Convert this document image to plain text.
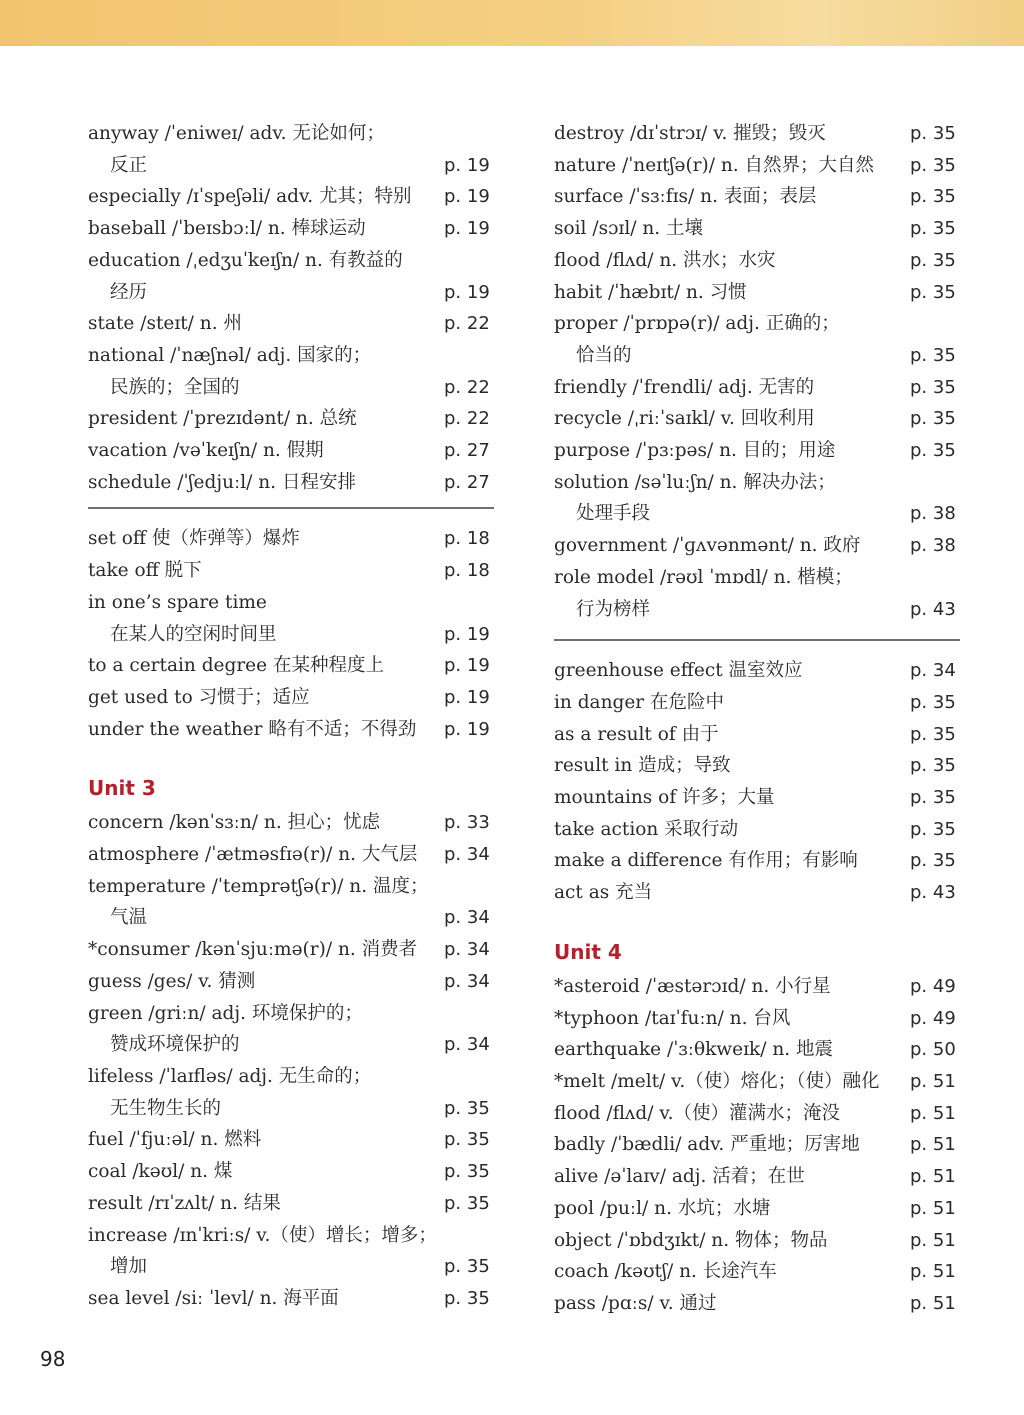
anyway /ˈeniweɪ/ adv. 无论如何；
反正	p. 19
especially /ɪˈspeʃəli/ adv. 尤其；特别	p. 19
baseball /ˈbeɪsbɔːl/ n. 棒球运动	p. 19
education /ˌedʒuˈkeɪʃn/ n. 有教益的
经历	p. 19
state /steɪt/ n. 州	p. 22
national /ˈnæʃnəl/ adj. 国家的；
民族的；全国的	p. 22
president /ˈprezɪdənt/ n. 总统	p. 22
vacation /vəˈkeɪʃn/ n. 假期	p. 27
schedule /ˈʃedjuːl/ n. 日程安排	p. 27
set off 使（炸弹等）爆炸	p. 18
take off 脱下	p. 18
in one’s spare time
在某人的空闲时间里	p. 19
to a certain degree 在某种程度上	p. 19
get used to 习惯于；适应	p. 19
under the weather 略有不适；不得劲	p. 19
Unit 3
concern /kənˈsɜːn/ n. 担心；忧虑	p. 33
atmosphere /ˈætməsfɪə(r)/ n. 大气层	p. 34
temperature /ˈtemprətʃə(r)/ n. 温度；
气温	p. 34
*consumer /kənˈsjuːmə(r)/ n. 消费者	p. 34
guess /ges/ v. 猜测	p. 34
green /griːn/ adj. 环境保护的；
赞成环境保护的	p. 34
lifeless /ˈlaɪfləs/ adj. 无生命的；
无生物生长的	p. 35
fuel /ˈfjuːəl/ n. 燃料	p. 35
coal /kəʊl/ n. 煤	p. 35
result /rɪˈzʌlt/ n. 结果	p. 35
increase /ɪnˈkriːs/ v.（使）增长；增多；
增加	p. 35
sea level /siː ˈlevl/ n. 海平面	p. 35
destroy /dɪˈstrɔɪ/ v. 摧毁；毁灭	p. 35
nature /ˈneɪtʃə(r)/ n. 自然界；大自然	p. 35
surface /ˈsɜːfɪs/ n. 表面；表层	p. 35
soil /sɔɪl/ n. 土壤	p. 35
flood /flʌd/ n. 洪水；水灾	p. 35
habit /ˈhæbɪt/ n. 习惯	p. 35
proper /ˈprɒpə(r)/ adj. 正确的；
恰当的	p. 35
friendly /ˈfrendli/ adj. 无害的	p. 35
recycle /ˌriːˈsaɪkl/ v. 回收利用	p. 35
purpose /ˈpɜːpəs/ n. 目的；用途	p. 35
solution /səˈluːʃn/ n. 解决办法；
处理手段	p. 38
government /ˈɡʌvənmənt/ n. 政府	p. 38
role model /rəʊl ˈmɒdl/ n. 楷模；
行为榜样	p. 43
greenhouse effect 温室效应	p. 34
in danger 在危险中	p. 35
as a result of 由于	p. 35
result in 造成；导致	p. 35
mountains of 许多；大量	p. 35
take action 采取行动	p. 35
make a difference 有作用；有影响	p. 35
act as 充当	p. 43
Unit 4
*asteroid /ˈæstərɔɪd/ n. 小行星	p. 49
*typhoon /taɪˈfuːn/ n. 台风	p. 49
earthquake /ˈɜːθkweɪk/ n. 地震	p. 50
*melt /melt/ v.（使）熔化；（使）融化	p. 51
flood /flʌd/ v.（使）灌满水；淹没	p. 51
badly /ˈbædli/ adv. 严重地；厉害地	p. 51
alive /əˈlaɪv/ adj. 活着；在世	p. 51
pool /puːl/ n. 水坑；水塘	p. 51
object /ˈɒbdʒɪkt/ n. 物体；物品	p. 51
coach /kəʊtʃ/ n. 长途汽车	p. 51
pass /pɑːs/ v. 通过	p. 51
98
